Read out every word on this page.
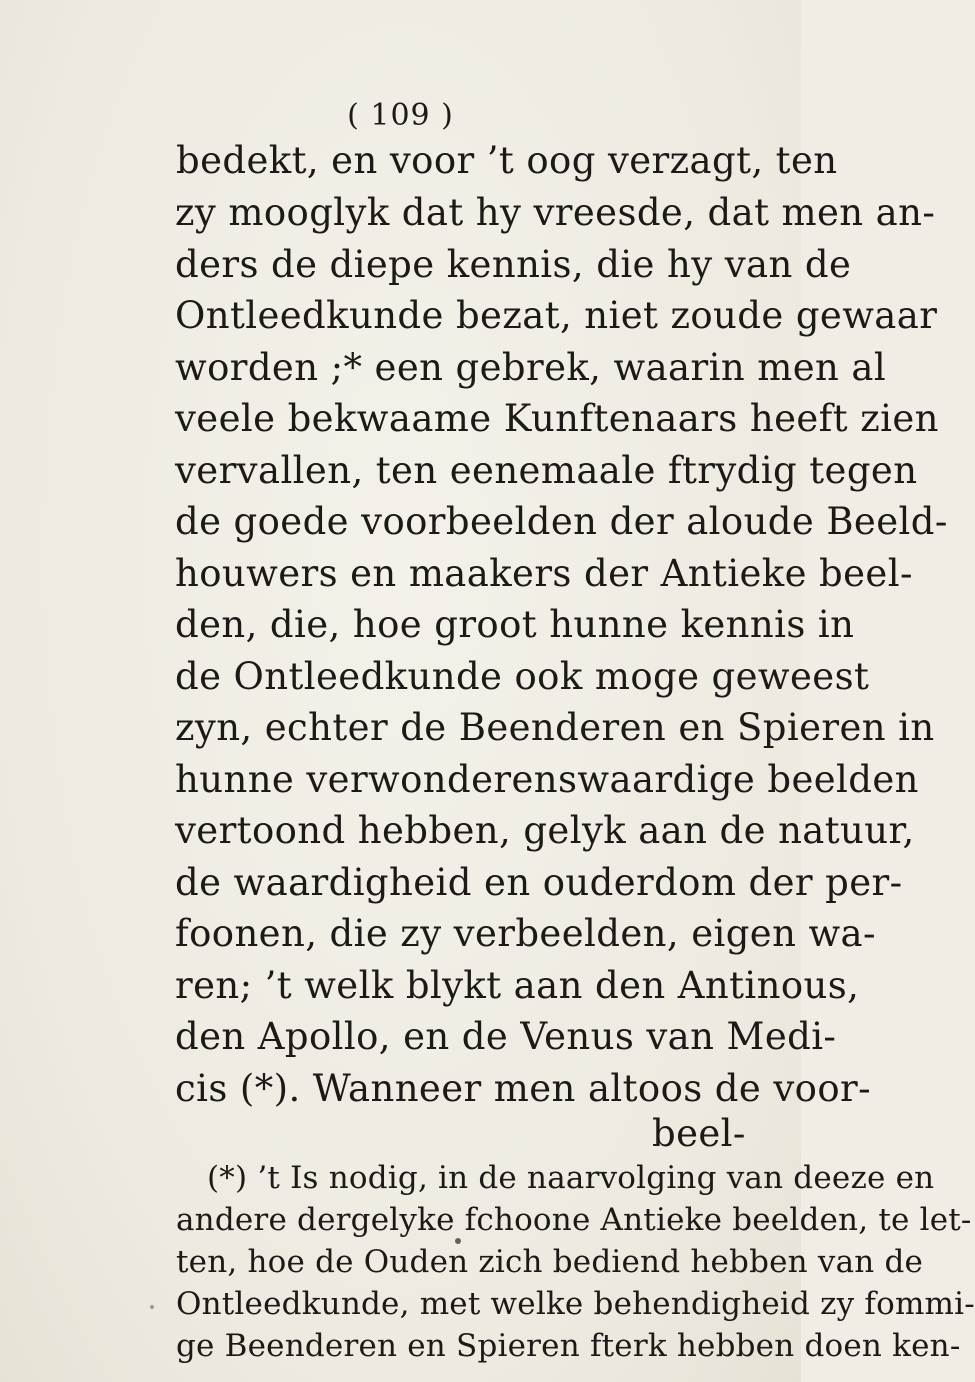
( 109 )
bedekt, en voor ’t oog verzagt, ten
zy mooglyk dat hy vreesde, dat men an-
ders de diepe kennis, die hy van de
Ontleedkunde bezat, niet zoude gewaar
worden ;* een gebrek, waarin men al
veele bekwaame Kunftenaars heeft zien
vervallen, ten eenemaale ftrydig tegen
de goede voorbeelden der aloude Beeld-
houwers en maakers der Antieke beel-
den, die, hoe groot hunne kennis in
de Ontleedkunde ook moge geweest
zyn, echter de Beenderen en Spieren in
hunne verwonderenswaardige beelden
vertoond hebben, gelyk aan de natuur,
de waardigheid en ouderdom der per-
foonen, die zy verbeelden, eigen wa-
ren; ’t welk blykt aan den Antinous,
den Apollo, en de Venus van Medi-
cis (*). Wanneer men altoos de voor-
beel-
(*) ’t Is nodig, in de naarvolging van deeze en
andere dergelyke fchoone Antieke beelden, te let-
ten, hoe de Ouden zich bediend hebben van de
Ontleedkunde, met welke behendigheid zy fommi-
ge Beenderen en Spieren fterk hebben doen ken-
